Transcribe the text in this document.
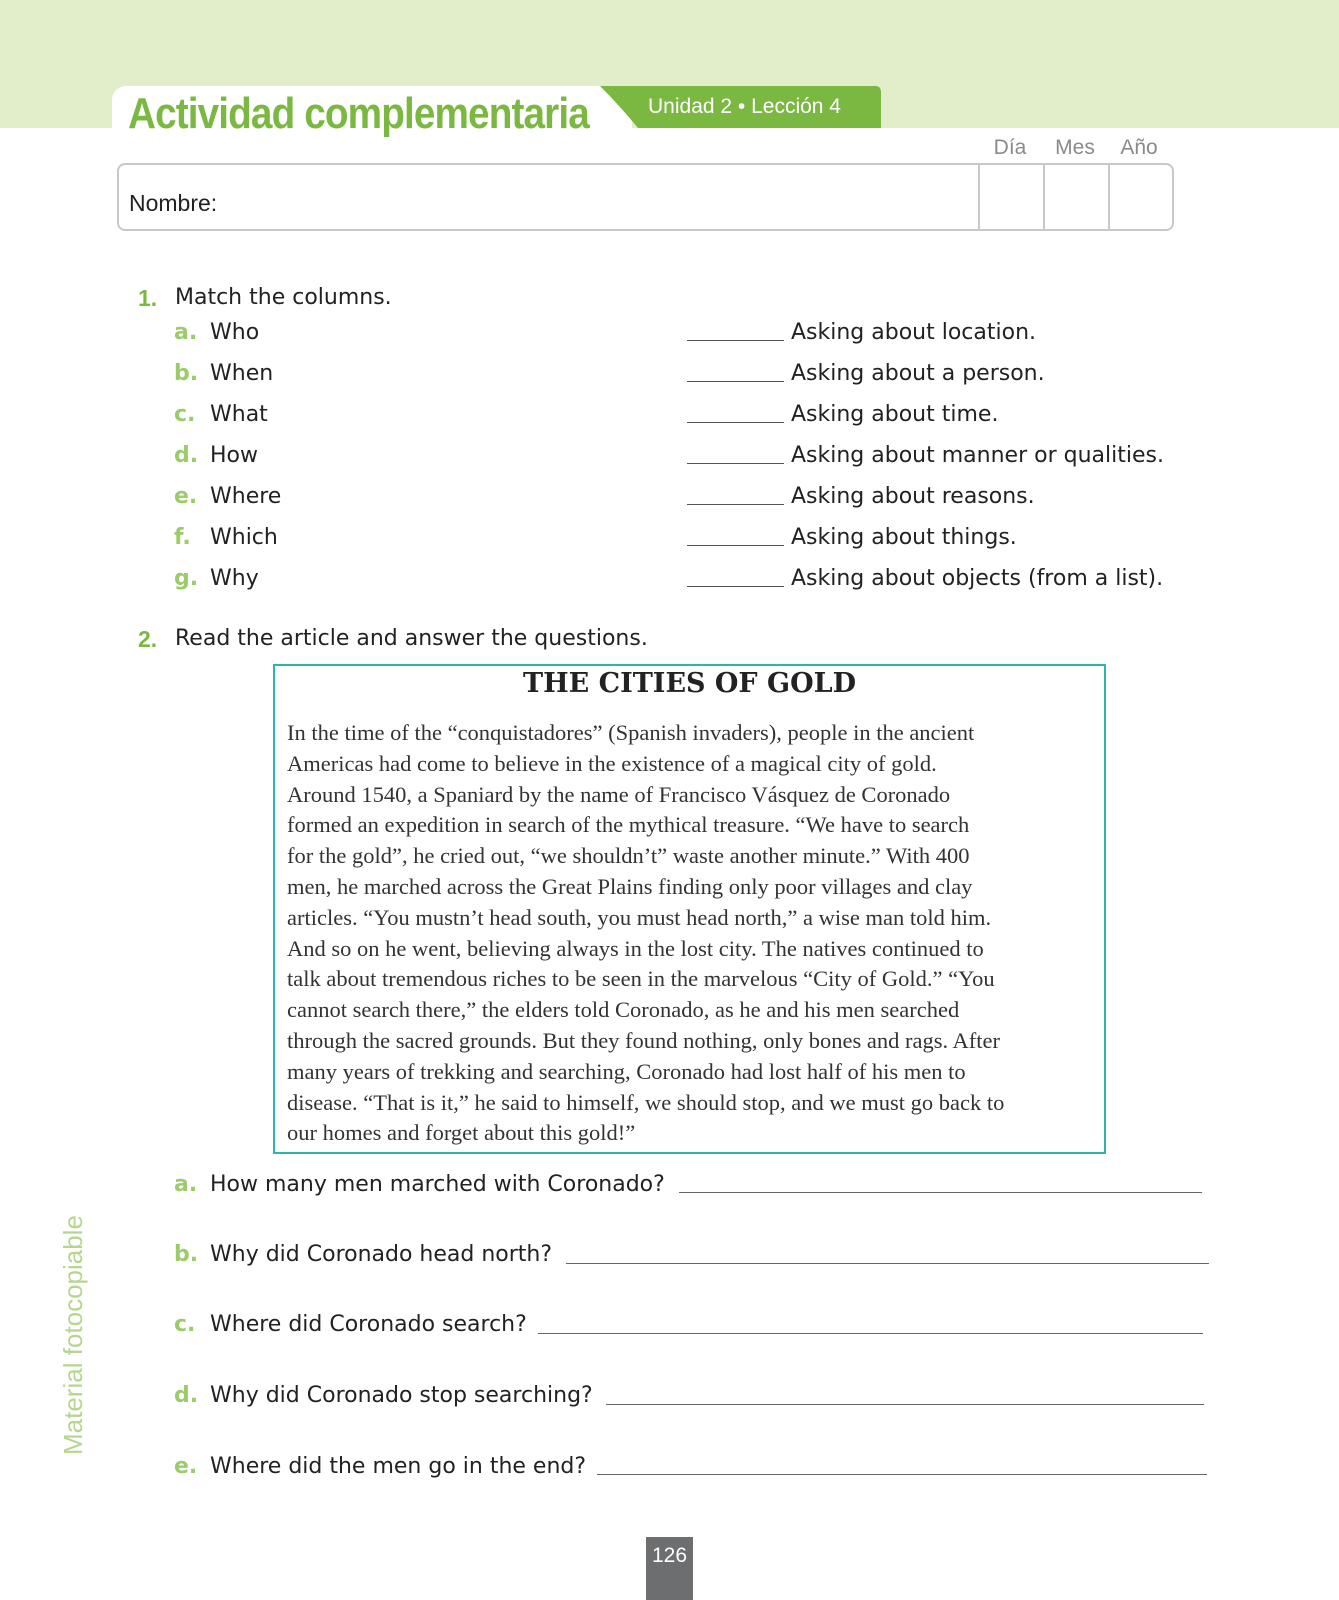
Actividad complementaria	Unidad 2 • Lección 4
Día	Mes	Año
Nombre:
1. Match the columns.
a. Who	Asking about location.
b. When	Asking about a person.
c. What	Asking about time.
d. How	Asking about manner or qualities.
e. Where	Asking about reasons.
f. Which	Asking about things.
g. Why	Asking about objects (from a list).
2. Read the article and answer the questions.
THE CITIES OF GOLD
In the time of the “conquistadores” (Spanish invaders), people in the ancient
Americas had come to believe in the existence of a magical city of gold.
Around 1540, a Spaniard by the name of Francisco Vásquez de Coronado
formed an expedition in search of the mythical treasure. “We have to search
for the gold”, he cried out, “we shouldn’t” waste another minute.” With 400
men, he marched across the Great Plains finding only poor villages and clay
articles. “You mustn’t head south, you must head north,” a wise man told him.
And so on he went, believing always in the lost city. The natives continued to
talk about tremendous riches to be seen in the marvelous “City of Gold.” “You
cannot search there,” the elders told Coronado, as he and his men searched
through the sacred grounds. But they found nothing, only bones and rags. After
many years of trekking and searching, Coronado had lost half of his men to
disease. “That is it,” he said to himself, we should stop, and we must go back to
our homes and forget about this gold!”
a. How many men marched with Coronado?
b. Why did Coronado head north?
c. Where did Coronado search?
d. Why did Coronado stop searching?
e. Where did the men go in the end?
Material fotocopiable
126
